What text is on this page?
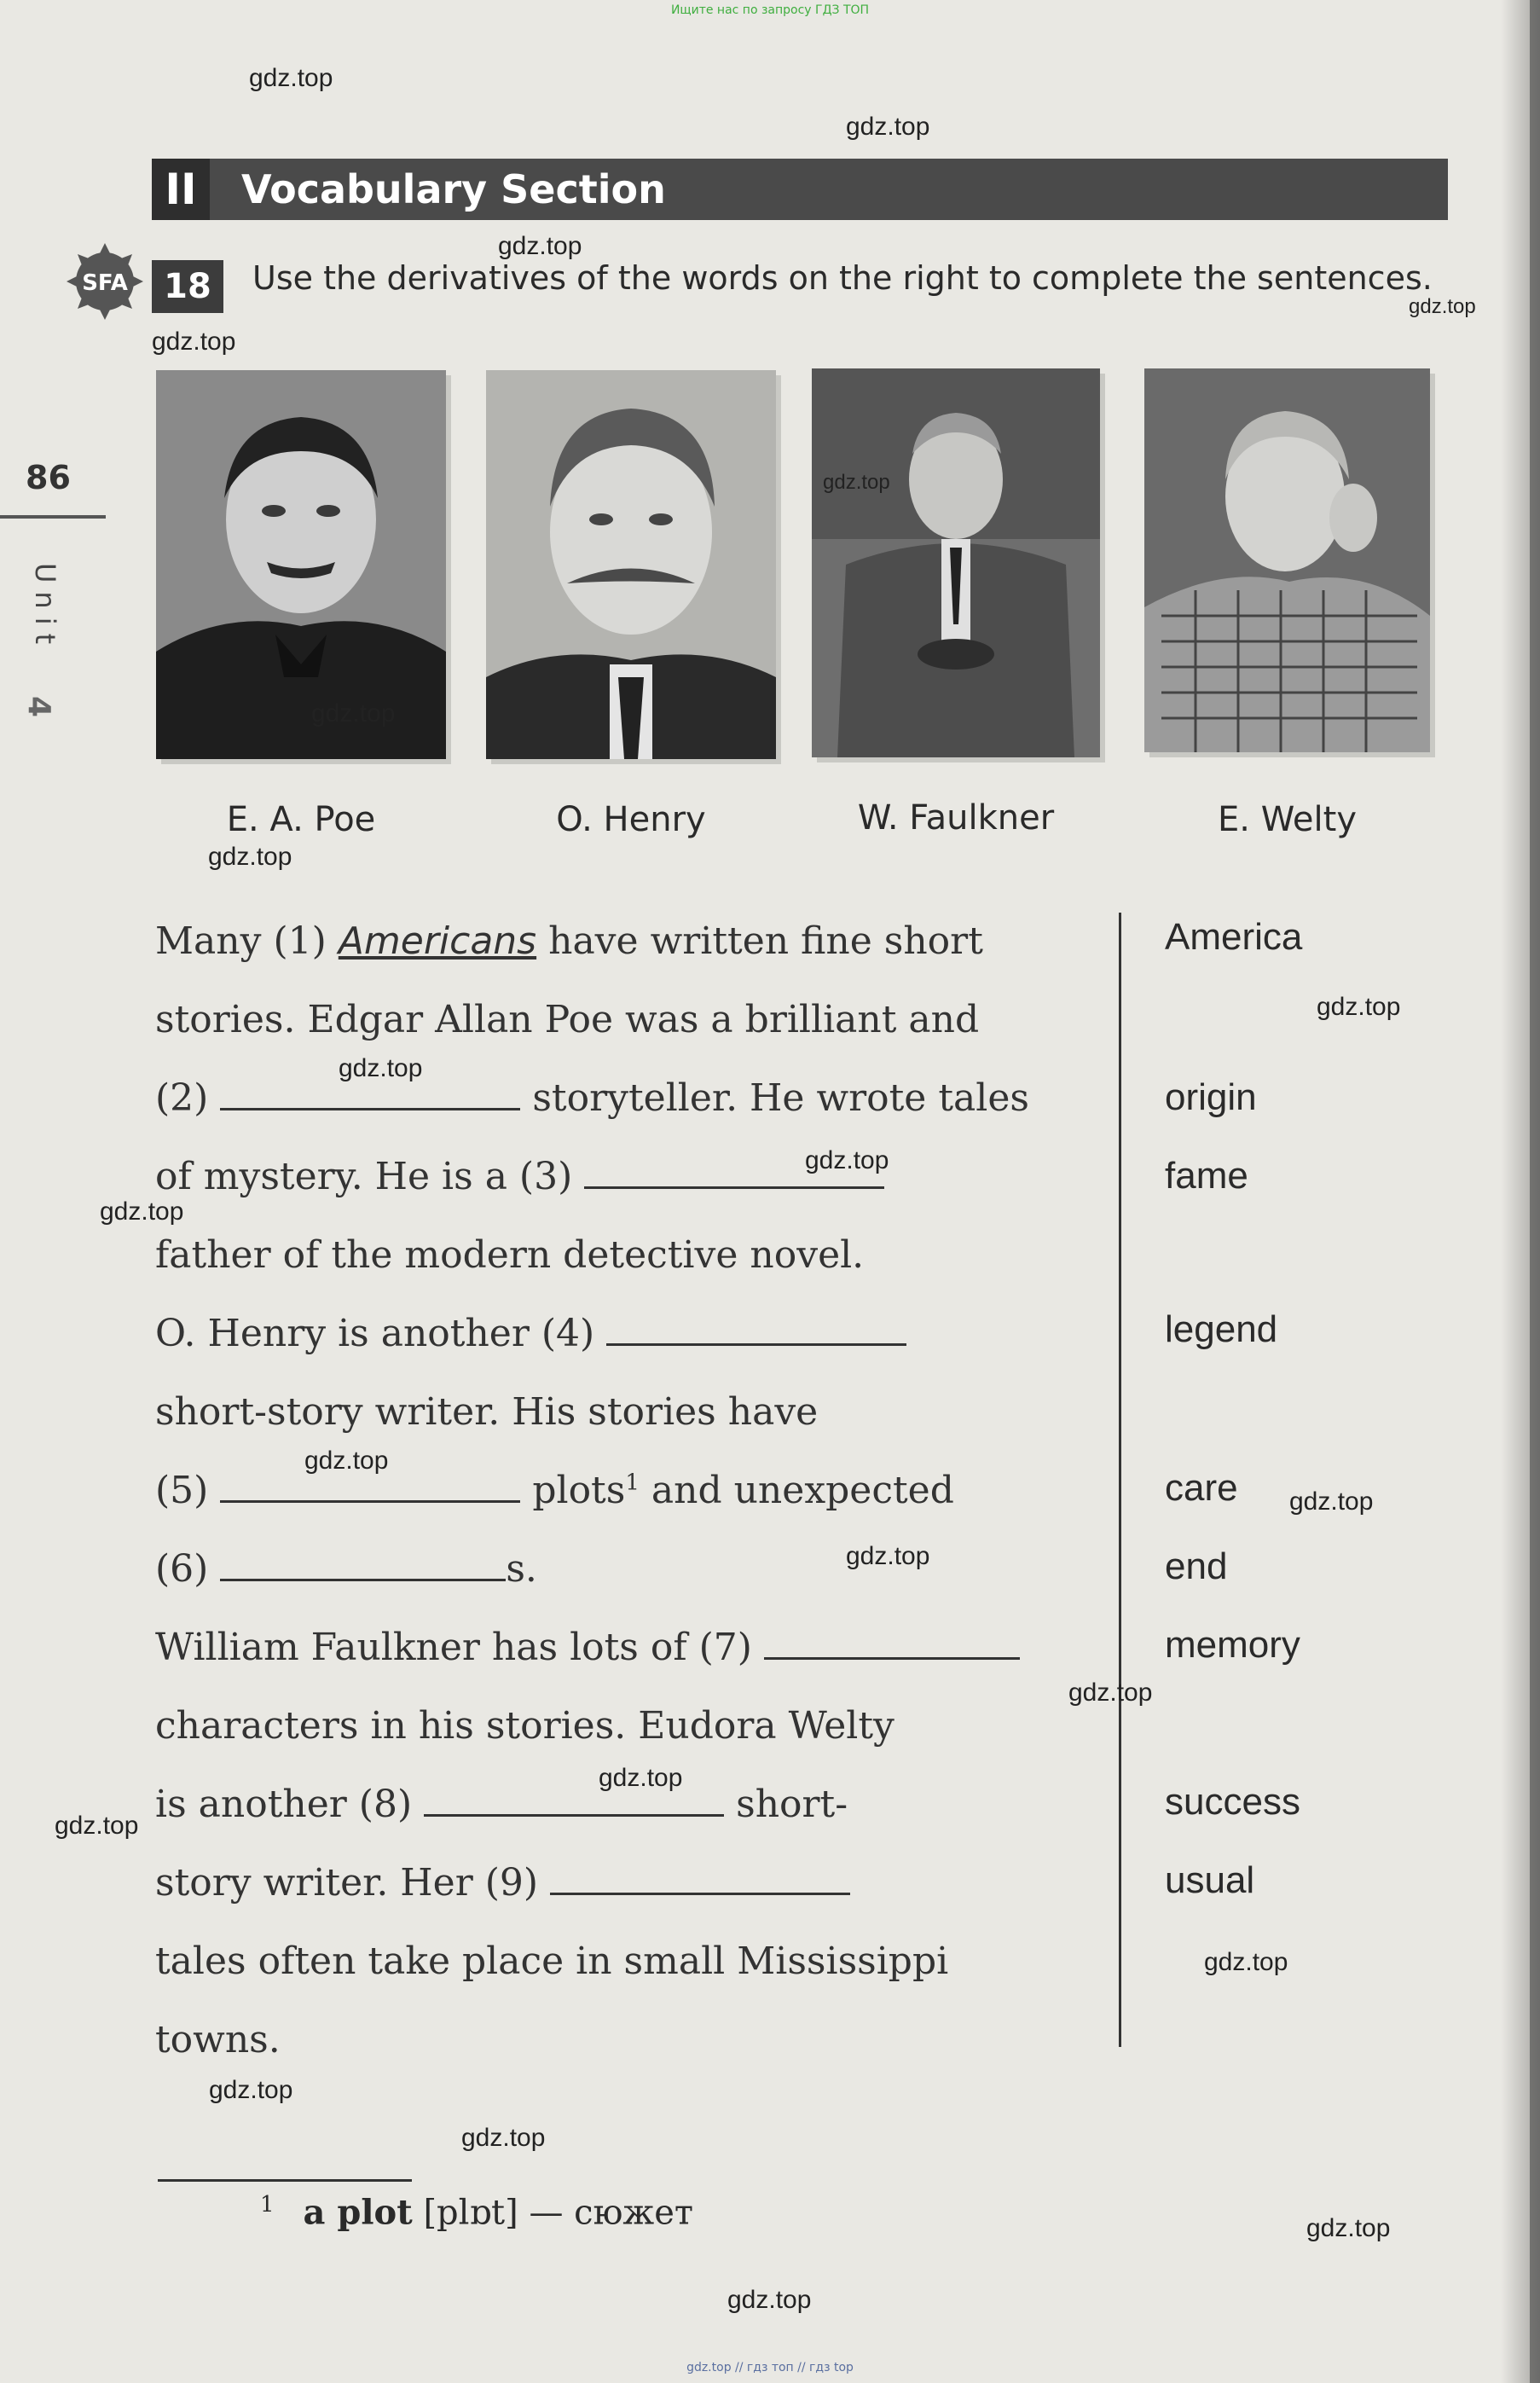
Ищите нас по запросу ГДЗ ТОП
II	Vocabulary Section
SFA	18	Use the derivatives of the words on the right to complete the sentences.
86
Unit
4
E. A. Poe	O. Henry	W. Faulkner	E. Welty
Many (1) Americans have written fine short
stories. Edgar Allan Poe was a brilliant and
(2)	storyteller. He wrote tales
of mystery. He is a (3)
father of the modern detective novel.
O. Henry is another (4)
short-story writer. His stories have
(5)	plots$^1$ and unexpected
(6)	s.
William Faulkner has lots of (7)
characters in his stories. Eudora Welty
is another (8)	short-
story writer. Her (9)
tales often take place in small Mississippi
towns.
America
origin
fame
legend
care
end
memory
success
usual
$^1$ a plot [plɒt] — сюжет
gdz.top
gdz.top
gdz.top
gdz.top
gdz.top
gdz.top
gdz.top
gdz.top
gdz.top
gdz.top
gdz.top
gdz.top
gdz.top
gdz.top
gdz.top
gdz.top
gdz.top
gdz.top
gdz.top
gdz.top
gdz.top
gdz.top
gdz.top
gdz.top // гдз топ // гдз top
